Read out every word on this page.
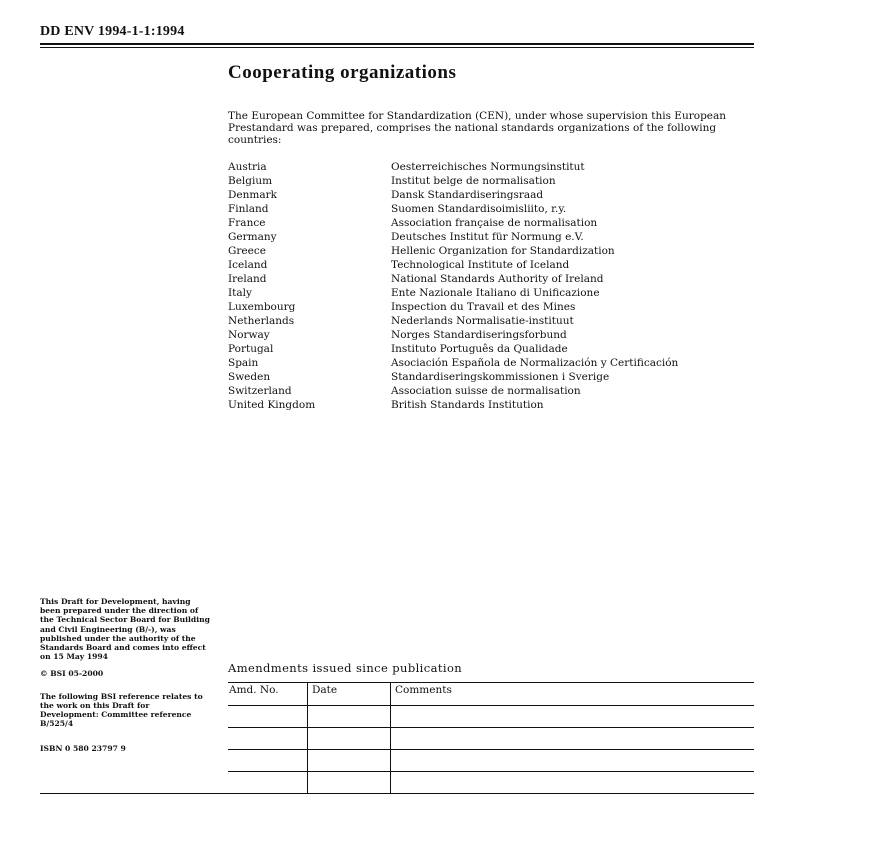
DD ENV 1994-1-1:1994
Cooperating organizations
The European Committee for Standardization (CEN), under whose supervision this European Prestandard was prepared, comprises the national standards organizations of the following countries:
Austria	Oesterreichisches Normungsinstitut
Belgium	Institut belge de normalisation
Denmark	Dansk Standardiseringsraad
Finland	Suomen Standardisoimisliito, r.y.
France	Association française de normalisation
Germany	Deutsches Institut für Normung e.V.
Greece	Hellenic Organization for Standardization
Iceland	Technological Institute of Iceland
Ireland	National Standards Authority of Ireland
Italy	Ente Nazionale Italiano di Unificazione
Luxembourg	Inspection du Travail et des Mines
Netherlands	Nederlands Normalisatie-instituut
Norway	Norges Standardiseringsforbund
Portugal	Instituto Português da Qualidade
Spain	Asociación Española de Normalización y Certificación
Sweden	Standardiseringskommissionen i Sverige
Switzerland	Association suisse de normalisation
United Kingdom	British Standards Institution

This Draft for Development, having been prepared under the direction of the Technical Sector Board for Building and Civil Engineering (B/-), was published under the authority of the Standards Board and comes into effect on 15 May 1994

© BSI 05-2000

The following BSI reference relates to the work on this Draft for Development: Committee reference B/525/4

ISBN 0 580 23797 9

Amendments issued since publication
Amd. No.	Date	Comments
